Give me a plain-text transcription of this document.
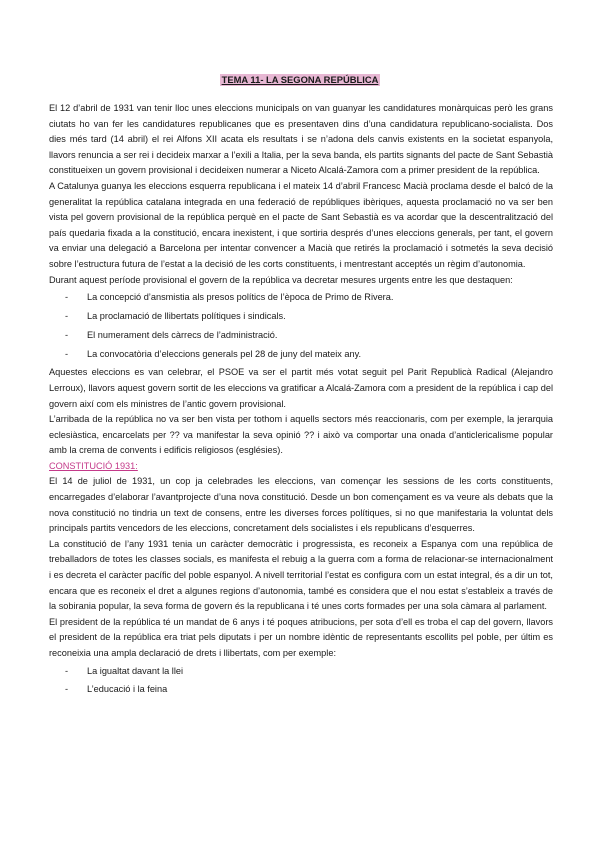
TEMA 11- LA SEGONA REPÚBLICA

El 12 d’abril de 1931 van tenir lloc unes eleccions municipals on van guanyar les candidatures monàrquicas però les grans ciutats ho van fer les candidatures republicanes que es presentaven dins d’una candidatura republicano-socialista. Dos dies més tard (14 abril) el rei Alfons XII acata els resultats i se n’adona dels canvis existents en la societat espanyola, llavors renuncia a ser rei i decideix marxar a l’exili a Italia, per la seva banda, els partits signants del pacte de Sant Sebastià constitueixen un govern provisional i decideixen numerar a Niceto Alcalá-Zamora com a primer president de la república.

A Catalunya guanya les eleccions esquerra republicana i el mateix 14 d’abril Francesc Macià proclama desde el balcó de la generalitat la república catalana integrada en una federació de repúbliques ibèriques, aquesta proclamació no va ser ben vista pel govern provisional de la república perquè en el pacte de Sant Sebastià es va acordar que la descentralització del país quedaria fixada a la constitució, encara inexistent, i que sortiria després d’unes eleccions generals, per tant, el govern va enviar una delegació a Barcelona per intentar convencer a Macià que retirés la proclamació i sotmetés la seva decisió sobre l’estructura futura de l’estat a la decisió de les corts constituents, i mentrestant acceptés un règim d’autonomia.

Durant aquest període provisional el govern de la república va decretar mesures urgents entre les que destaquen:

- La concepció d’ansmistia als presos polítics de l’època de Primo de Rivera.
- La proclamació de llibertats polítiques i sindicals.
- El numerament dels càrrecs de l’administració.
- La convocatòria d’eleccions generals pel 28 de juny del mateix any.

Aquestes eleccions es van celebrar, el PSOE va ser el partit més votat seguit pel Parit Republicà Radical (Alejandro Lerroux), llavors aquest govern sortit de les eleccions va gratificar a Alcalá-Zamora com a president de la república i cap del govern així com els ministres de l’antic govern provisional.

L’arribada de la república no va ser ben vista per tothom i aquells sectors més reaccionaris, com per exemple, la jerarquia eclesiàstica, encarcelats per ?? va manifestar la seva opinió ?? i això va comportar una onada d’anticlericalisme popular amb la crema de convents i edificis religiosos (esglésies).

CONSTITUCIÓ 1931:

El 14 de juliol de 1931, un cop ja celebrades les eleccions, van començar les sessions de les corts constituents, encarregades d’elaborar l’avantprojecte d’una nova constitució. Desde un bon començament es va veure als debats que la nova constitució no tindria un text de consens, entre les diverses forces polítiques, si no que manifestaria la voluntat dels principals partits vencedors de les eleccions, concretament dels socialistes i els republicans d’esquerres.

La constitució de l’any 1931 tenia un caràcter democràtic i progressista, es reconeix a Espanya com una república de treballadors de totes les classes socials, es manifesta el rebuig a la guerra com a forma de relacionar-se internacionalment i es decreta el caràcter pacífic del poble espanyol. A nivell territorial l’estat es configura com un estat integral, és a dir un tot, encara que es reconeix el dret a algunes regions d’autonomia, també es considera que el nou estat s’estableix a través de la sobirania popular, la seva forma de govern és la republicana i té unes corts formades per una sola càmara al parlament.

El president de la república té un mandat de 6 anys i té poques atribucions, per sota d’ell es troba el cap del govern, llavors el president de la república era triat pels diputats i per un nombre idèntic de representants escollits pel poble, per últim es reconeixia una ampla declaració de drets i llibertats, com per exemple:

- La igualtat davant la llei
- L’educació i la feina
